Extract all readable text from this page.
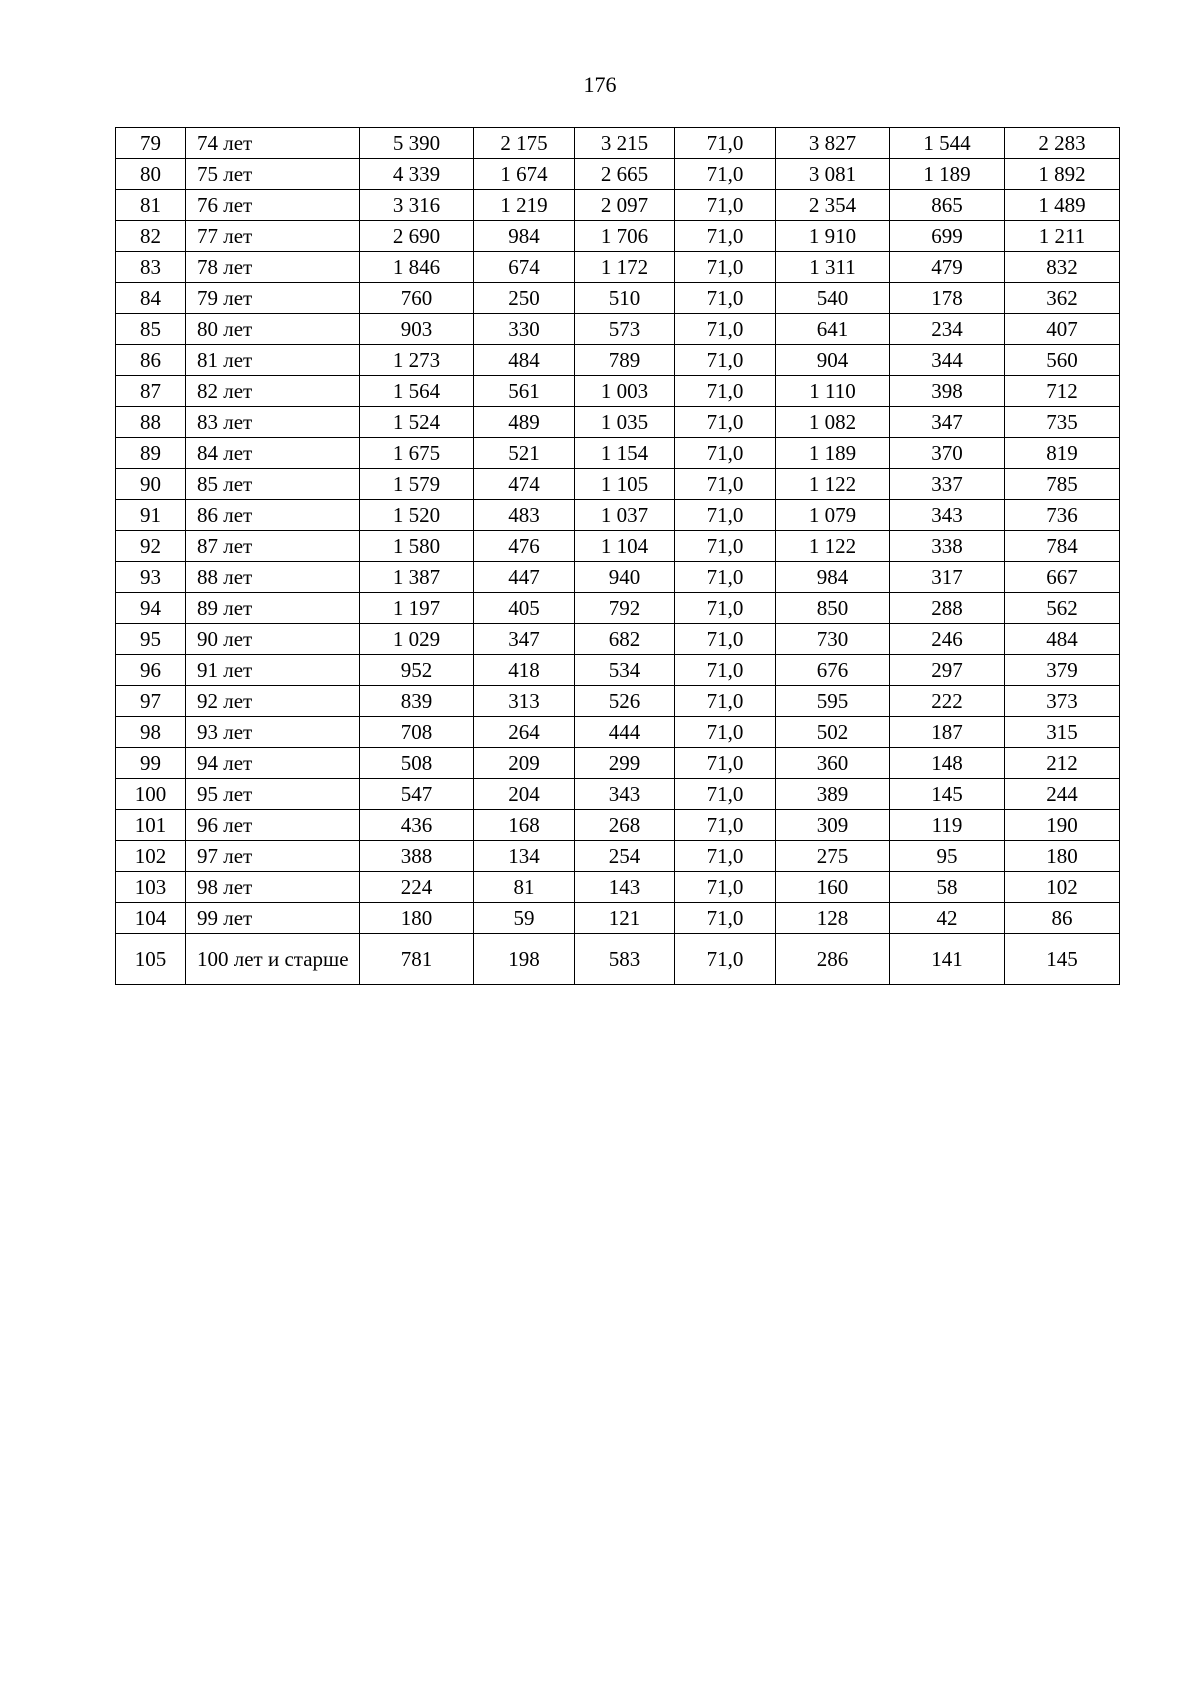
176
79	74 лет	5 390	2 175	3 215	71,0	3 827	1 544	2 283
80	75 лет	4 339	1 674	2 665	71,0	3 081	1 189	1 892
81	76 лет	3 316	1 219	2 097	71,0	2 354	865	1 489
82	77 лет	2 690	984	1 706	71,0	1 910	699	1 211
83	78 лет	1 846	674	1 172	71,0	1 311	479	832
84	79 лет	760	250	510	71,0	540	178	362
85	80 лет	903	330	573	71,0	641	234	407
86	81 лет	1 273	484	789	71,0	904	344	560
87	82 лет	1 564	561	1 003	71,0	1 110	398	712
88	83 лет	1 524	489	1 035	71,0	1 082	347	735
89	84 лет	1 675	521	1 154	71,0	1 189	370	819
90	85 лет	1 579	474	1 105	71,0	1 122	337	785
91	86 лет	1 520	483	1 037	71,0	1 079	343	736
92	87 лет	1 580	476	1 104	71,0	1 122	338	784
93	88 лет	1 387	447	940	71,0	984	317	667
94	89 лет	1 197	405	792	71,0	850	288	562
95	90 лет	1 029	347	682	71,0	730	246	484
96	91 лет	952	418	534	71,0	676	297	379
97	92 лет	839	313	526	71,0	595	222	373
98	93 лет	708	264	444	71,0	502	187	315
99	94 лет	508	209	299	71,0	360	148	212
100	95 лет	547	204	343	71,0	389	145	244
101	96 лет	436	168	268	71,0	309	119	190
102	97 лет	388	134	254	71,0	275	95	180
103	98 лет	224	81	143	71,0	160	58	102
104	99 лет	180	59	121	71,0	128	42	86
105	100 лет и старше	781	198	583	71,0	286	141	145
